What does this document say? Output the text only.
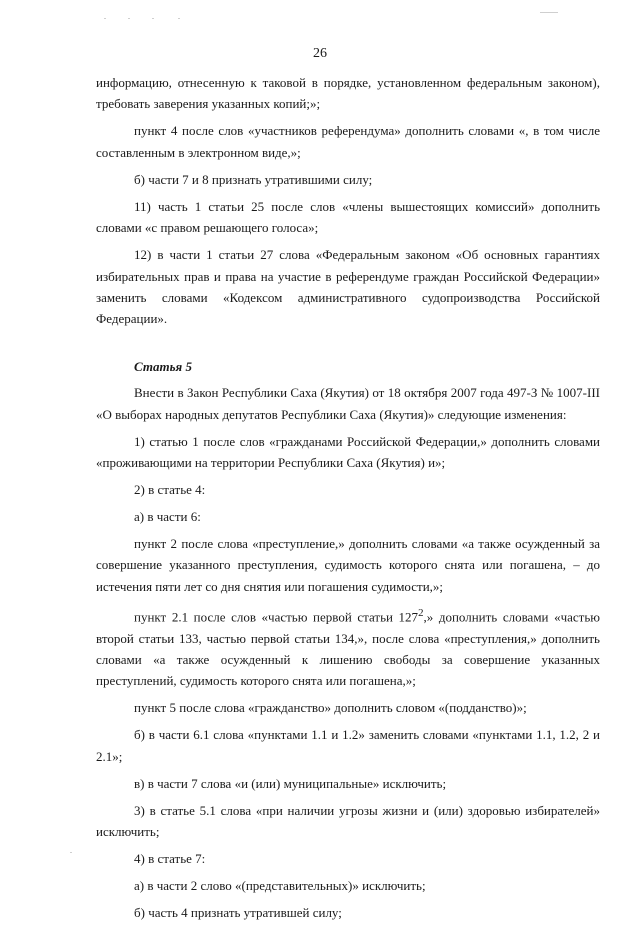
26

информацию, отнесенную к таковой в порядке, установленном федеральным законом), требовать заверения указанных копий;»;

пункт 4 после слов «участников референдума» дополнить словами «, в том числе составленным в электронном виде,»;

б) части 7 и 8 признать утратившими силу;

11) часть 1 статьи 25 после слов «члены вышестоящих комиссий» дополнить словами «с правом решающего голоса»;

12) в части 1 статьи 27 слова «Федеральным законом «Об основных гарантиях избирательных прав и права на участие в референдуме граждан Российской Федерации» заменить словами «Кодексом административного судопроизводства Российской Федерации».

Статья 5

Внести в Закон Республики Саха (Якутия) от 18 октября 2007 года 497-З № 1007-III «О выборах народных депутатов Республики Саха (Якутия)» следующие изменения:

1) статью 1 после слов «гражданами Российской Федерации,» дополнить словами «проживающими на территории Республики Саха (Якутия) и»;

2) в статье 4:

а) в части 6:

пункт 2 после слова «преступление,» дополнить словами «а также осужденный за совершение указанного преступления, судимость которого снята или погашена, – до истечения пяти лет со дня снятия или погашения судимости,»;

пункт 2.1 после слов «частью первой статьи $127^2$,» дополнить словами «частью второй статьи 133, частью первой статьи 134,», после слова «преступления,» дополнить словами «а также осужденный к лишению свободы за совершение указанных преступлений, судимость которого снята или погашена,»;

пункт 5 после слова «гражданство» дополнить словом «(подданство)»;

б) в части 6.1 слова «пунктами 1.1 и 1.2» заменить словами «пунктами 1.1, 1.2, 2 и 2.1»;

в) в части 7 слова «и (или) муниципальные» исключить;

3) в статье 5.1 слова «при наличии угрозы жизни и (или) здоровью избирателей» исключить;

4) в статье 7:

а) в части 2 слово «(представительных)» исключить;

б) часть 4 признать утратившей силу;
